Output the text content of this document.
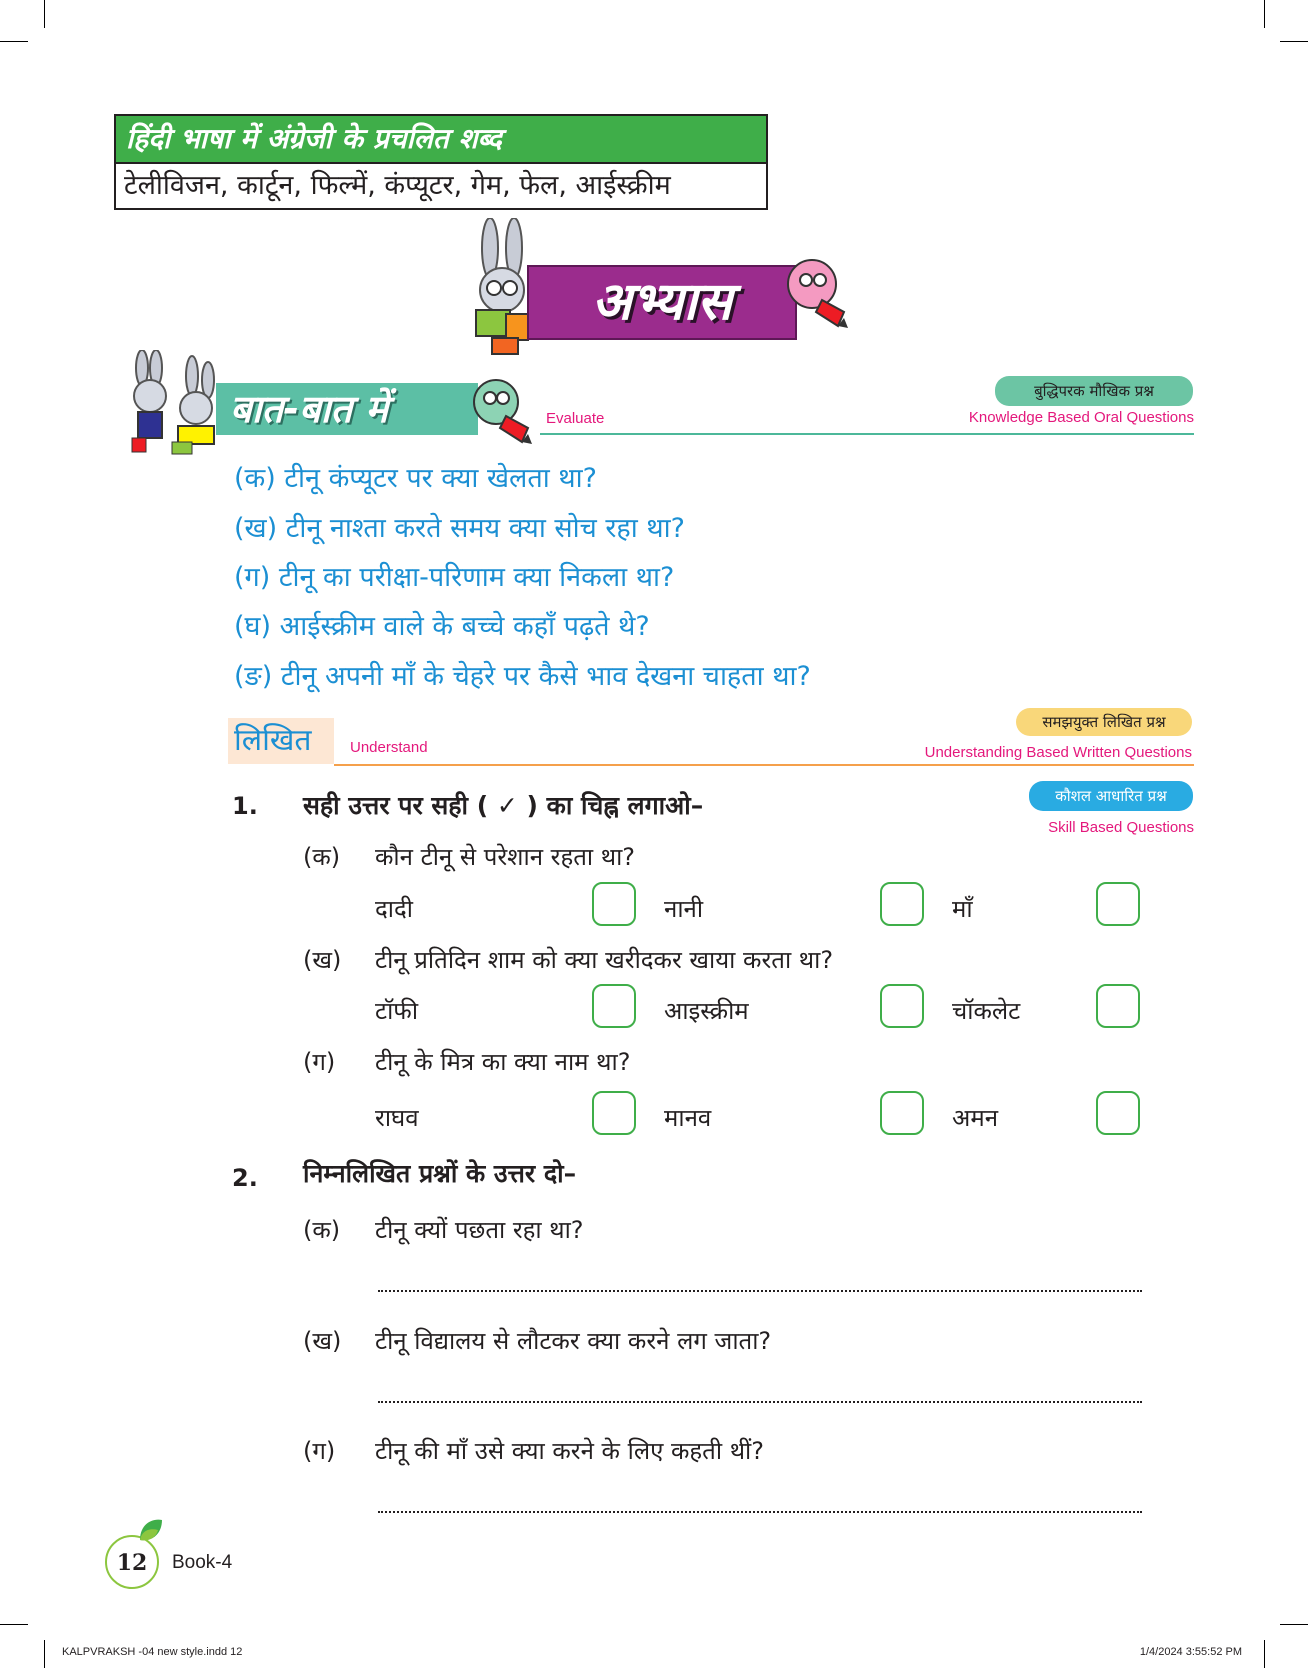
हिंदी भाषा में अंग्रेजी के प्रचलित शब्द
टेलीविजन, कार्टून, फिल्में, कंप्यूटर, गेम, फेल, आईस्क्रीम
अभ्यास
बात-बात में	Evaluate
बुद्धिपरक मौखिक प्रश्न
Knowledge Based Oral Questions
(क) टीनू कंप्यूटर पर क्या खेलता था?
(ख) टीनू नाश्ता करते समय क्या सोच रहा था?
(ग) टीनू का परीक्षा-परिणाम क्या निकला था?
(घ) आईस्क्रीम वाले के बच्चे कहाँ पढ़ते थे?
(ङ) टीनू अपनी माँ के चेहरे पर कैसे भाव देखना चाहता था?
लिखित	Understand
समझयुक्त लिखित प्रश्न
Understanding Based Written Questions
1. सही उत्तर पर सही ( ✓ ) का चिह्न लगाओ–	कौशल आधारित प्रश्न
Skill Based Questions
(क) कौन टीनू से परेशान रहता था?
दादी	नानी	माँ
(ख) टीनू प्रतिदिन शाम को क्या खरीदकर खाया करता था?
टॉफी	आइस्क्रीम	चॉकलेट
(ग) टीनू के मित्र का क्या नाम था?
राघव	मानव	अमन
2. निम्नलिखित प्रश्नों के उत्तर दो–
(क) टीनू क्यों पछता रहा था?
(ख) टीनू विद्यालय से लौटकर क्या करने लग जाता?
(ग) टीनू की माँ उसे क्या करने के लिए कहती थीं?
12	Book-4
KALPVRAKSH -04 new style.indd 12	1/4/2024 3:55:52 PM
